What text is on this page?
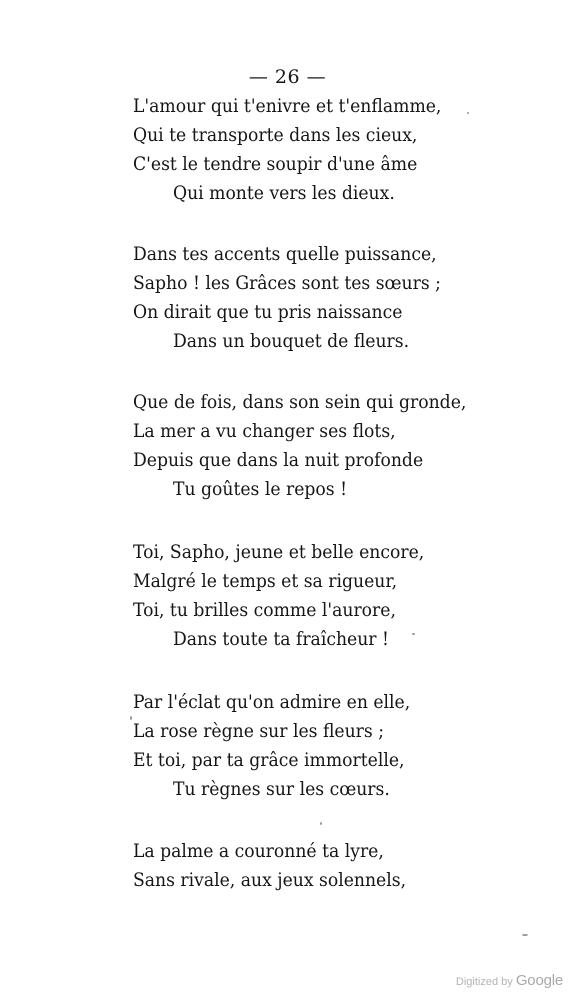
— 26 —
L'amour qui t'enivre et t'enflamme,
Qui te transporte dans les cieux,
C'est le tendre soupir d'une âme
Qui monte vers les dieux.
Dans tes accents quelle puissance,
Sapho ! les Grâces sont tes sœurs ;
On dirait que tu pris naissance
Dans un bouquet de fleurs.
Que de fois, dans son sein qui gronde,
La mer a vu changer ses flots,
Depuis que dans la nuit profonde
Tu goûtes le repos !
Toi, Sapho, jeune et belle encore,
Malgré le temps et sa rigueur,
Toi, tu brilles comme l'aurore,
Dans toute ta fraîcheur !
Par l'éclat qu'on admire en elle,
La rose règne sur les fleurs ;
Et toi, par ta grâce immortelle,
Tu règnes sur les cœurs.
La palme a couronné ta lyre,
Sans rivale, aux jeux solennels,
Digitized by Google
